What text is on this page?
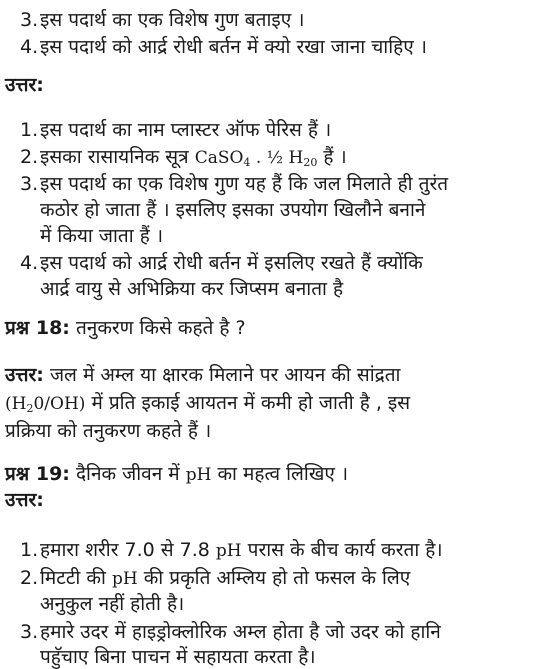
3.इस पदार्थ का एक विशेष गुण बताइए ।
4.इस पदार्थ को आर्द्र रोधी बर्तन में क्यो रखा जाना चाहिए ।
उत्तर:
1.इस पदार्थ का नाम प्लास्टर ऑफ पेरिस हैं ।
2.इसका रासायनिक सूत्र CaSO$_4$ . ½ $H_{20}$ हैं ।
3.इस पदार्थ का एक विशेष गुण यह हैं कि जल मिलाते ही तुरंत
कठोर हो जाता हैं । इसलिए इसका उपयोग खिलौने बनाने
में किया जाता हैं ।
4.इस पदार्थ को आर्द्र रोधी बर्तन में इसलिए रखते हैं क्योंकि
आर्द्र वायु से अभिक्रिया कर जिप्सम बनाता है
प्रश्न 18: तनुकरण किसे कहते है ?
उत्तर: जल में अम्ल या क्षारक मिलाने पर आयन की सांद्रता
$(H_20/OH)$ में प्रति इकाई आयतन में कमी हो जाती है , इस
प्रक्रिया को तनुकरण कहते हैं ।
प्रश्न 19: दैनिक जीवन में pH का महत्व लिखिए ।
उत्तर:
1.हमारा शरीर 7.0 से 7.8 pH परास के बीच कार्य करता है।
2.मिटटी की pH की प्रकृति अम्लिय हो तो फसल के लिए
अनुकुल नहीं होती है।
3.हमारे उदर में हाइड्रोक्लोरिक अम्ल होता है जो उदर को हानि
पहुॅचाए बिना पाचन में सहायता करता है।
